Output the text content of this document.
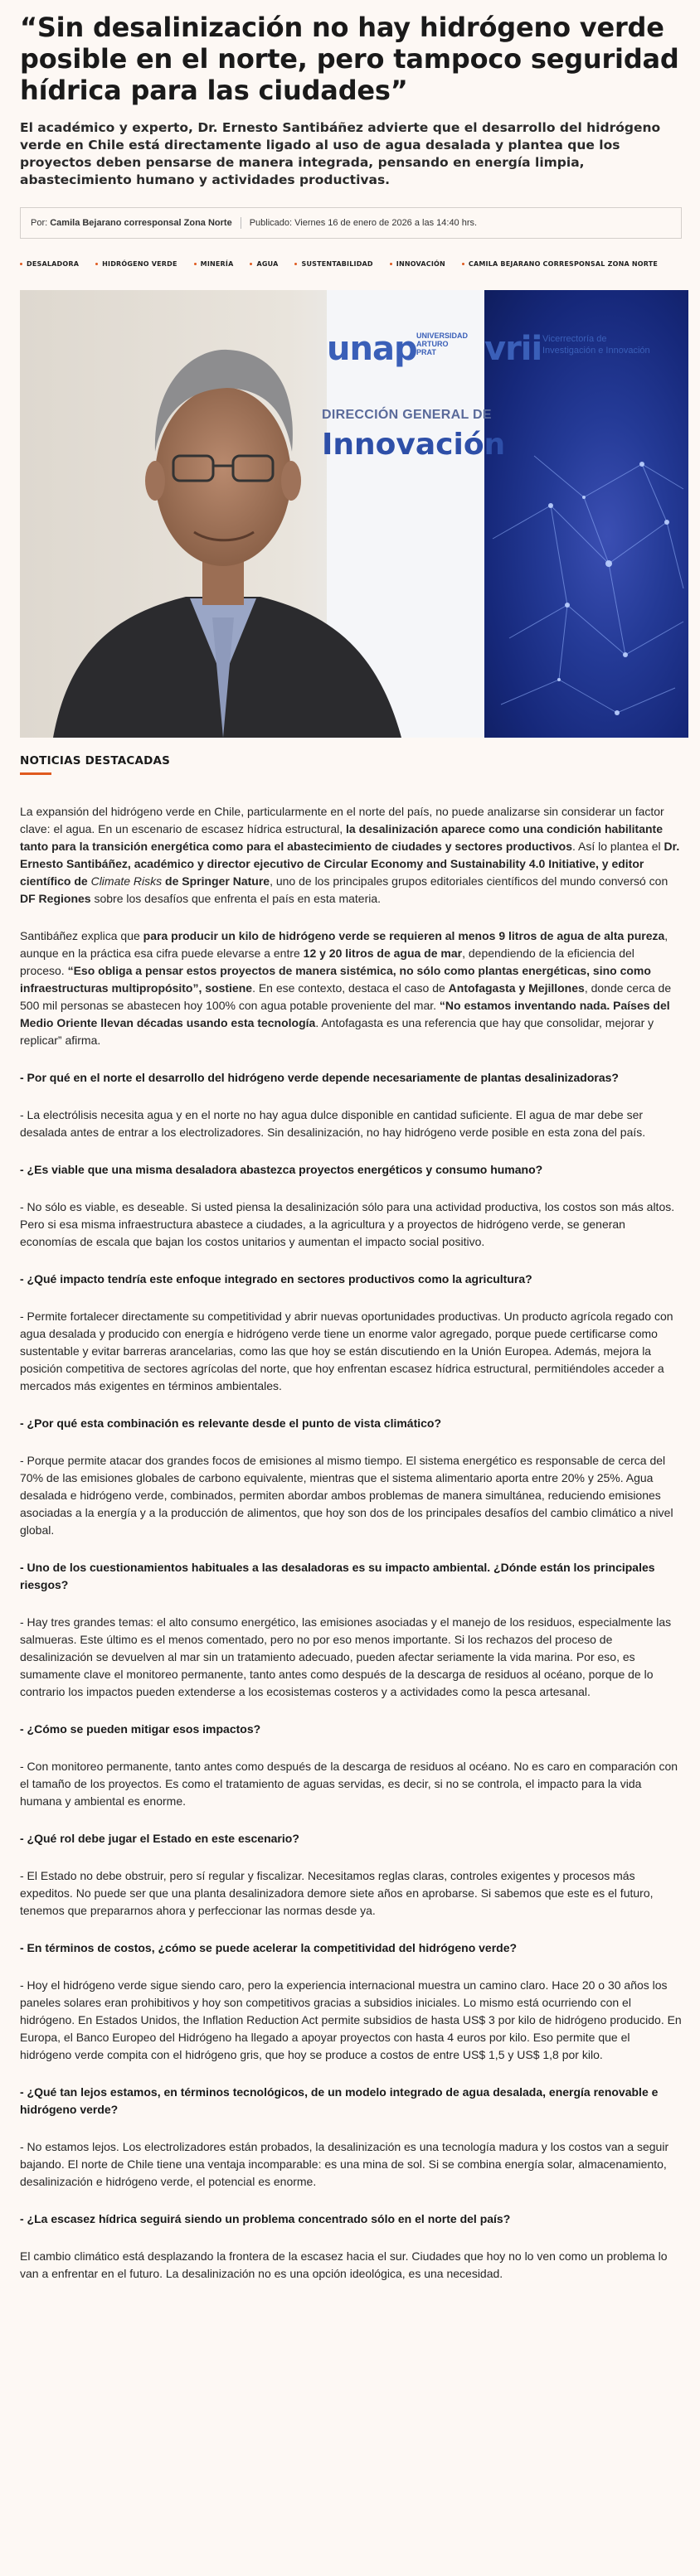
“Sin desalinización no hay hidrógeno verde posible en el norte, pero tampoco seguridad hídrica para las ciudades”

El académico y experto, Dr. Ernesto Santibáñez advierte que el desarrollo del hidrógeno verde en Chile está directamente ligado al uso de agua desalada y plantea que los proyectos deben pensarse de manera integrada, pensando en energía limpia, abastecimiento humano y actividades productivas.

Por: Camila Bejarano corresponsal Zona Norte Publicado: Viernes 16 de enero de 2026 a las 14:40 hrs.
DESALADORA	HIDRÓGENO VERDE	MINERÍA	AGUA	SUSTENTABILIDAD	INNOVACIÓN	CAMILA BEJARANO CORRESPONSAL ZONA NORTE
unap UNIVERSIDAD
ARTURO
PRAT	vrii Vicerrectoría de
Investigación e Innovación
DIRECCIÓN GENERAL DE
Innovación
NOTICIAS DESTACADAS

La expansión del hidrógeno verde en Chile, particularmente en el norte del país, no puede analizarse sin considerar un factor clave: el agua. En un escenario de escasez hídrica estructural, la desalinización aparece como una condición habilitante tanto para la transición energética como para el abastecimiento de ciudades y sectores productivos. Así lo plantea el Dr. Ernesto Santibáñez, académico y director ejecutivo de Circular Economy and Sustainability 4.0 Initiative, y editor científico de Climate Risks de Springer Nature, uno de los principales grupos editoriales científicos del mundo conversó con DF Regiones sobre los desafíos que enfrenta el país en esta materia.

Santibáñez explica que para producir un kilo de hidrógeno verde se requieren al menos 9 litros de agua de alta pureza, aunque en la práctica esa cifra puede elevarse a entre 12 y 20 litros de agua de mar, dependiendo de la eficiencia del proceso. “Eso obliga a pensar estos proyectos de manera sistémica, no sólo como plantas energéticas, sino como infraestructuras multipropósito”, sostiene. En ese contexto, destaca el caso de Antofagasta y Mejillones, donde cerca de 500 mil personas se abastecen hoy 100% con agua potable proveniente del mar. “No estamos inventando nada. Países del Medio Oriente llevan décadas usando esta tecnología. Antofagasta es una referencia que hay que consolidar, mejorar y replicar” afirma.

- Por qué en el norte el desarrollo del hidrógeno verde depende necesariamente de plantas desalinizadoras?

- La electrólisis necesita agua y en el norte no hay agua dulce disponible en cantidad suficiente. El agua de mar debe ser desalada antes de entrar a los electrolizadores. Sin desalinización, no hay hidrógeno verde posible en esta zona del país.

- ¿Es viable que una misma desaladora abastezca proyectos energéticos y consumo humano?

- No sólo es viable, es deseable. Si usted piensa la desalinización sólo para una actividad productiva, los costos son más altos. Pero si esa misma infraestructura abastece a ciudades, a la agricultura y a proyectos de hidrógeno verde, se generan economías de escala que bajan los costos unitarios y aumentan el impacto social positivo.

- ¿Qué impacto tendría este enfoque integrado en sectores productivos como la agricultura?

- Permite fortalecer directamente su competitividad y abrir nuevas oportunidades productivas. Un producto agrícola regado con agua desalada y producido con energía e hidrógeno verde tiene un enorme valor agregado, porque puede certificarse como sustentable y evitar barreras arancelarias, como las que hoy se están discutiendo en la Unión Europea. Además, mejora la posición competitiva de sectores agrícolas del norte, que hoy enfrentan escasez hídrica estructural, permitiéndoles acceder a mercados más exigentes en términos ambientales.

- ¿Por qué esta combinación es relevante desde el punto de vista climático?

- Porque permite atacar dos grandes focos de emisiones al mismo tiempo. El sistema energético es responsable de cerca del 70% de las emisiones globales de carbono equivalente, mientras que el sistema alimentario aporta entre 20% y 25%. Agua desalada e hidrógeno verde, combinados, permiten abordar ambos problemas de manera simultánea, reduciendo emisiones asociadas a la energía y a la producción de alimentos, que hoy son dos de los principales desafíos del cambio climático a nivel global.

- Uno de los cuestionamientos habituales a las desaladoras es su impacto ambiental. ¿Dónde están los principales riesgos?

- Hay tres grandes temas: el alto consumo energético, las emisiones asociadas y el manejo de los residuos, especialmente las salmueras. Este último es el menos comentado, pero no por eso menos importante. Si los rechazos del proceso de desalinización se devuelven al mar sin un tratamiento adecuado, pueden afectar seriamente la vida marina. Por eso, es sumamente clave el monitoreo permanente, tanto antes como después de la descarga de residuos al océano, porque de lo contrario los impactos pueden extenderse a los ecosistemas costeros y a actividades como la pesca artesanal.

- ¿Cómo se pueden mitigar esos impactos?

- Con monitoreo permanente, tanto antes como después de la descarga de residuos al océano. No es caro en comparación con el tamaño de los proyectos. Es como el tratamiento de aguas servidas, es decir, si no se controla, el impacto para la vida humana y ambiental es enorme.

- ¿Qué rol debe jugar el Estado en este escenario?

- El Estado no debe obstruir, pero sí regular y fiscalizar. Necesitamos reglas claras, controles exigentes y procesos más expeditos. No puede ser que una planta desalinizadora demore siete años en aprobarse. Si sabemos que este es el futuro, tenemos que prepararnos ahora y perfeccionar las normas desde ya.

- En términos de costos, ¿cómo se puede acelerar la competitividad del hidrógeno verde?

- Hoy el hidrógeno verde sigue siendo caro, pero la experiencia internacional muestra un camino claro. Hace 20 o 30 años los paneles solares eran prohibitivos y hoy son competitivos gracias a subsidios iniciales. Lo mismo está ocurriendo con el hidrógeno. En Estados Unidos, the Inflation Reduction Act permite subsidios de hasta US$ 3 por kilo de hidrógeno producido. En Europa, el Banco Europeo del Hidrógeno ha llegado a apoyar proyectos con hasta 4 euros por kilo. Eso permite que el hidrógeno verde compita con el hidrógeno gris, que hoy se produce a costos de entre US$ 1,5 y US$ 1,8 por kilo.

- ¿Qué tan lejos estamos, en términos tecnológicos, de un modelo integrado de agua desalada, energía renovable e hidrógeno verde?

- No estamos lejos. Los electrolizadores están probados, la desalinización es una tecnología madura y los costos van a seguir bajando. El norte de Chile tiene una ventaja incomparable: es una mina de sol. Si se combina energía solar, almacenamiento, desalinización e hidrógeno verde, el potencial es enorme.

- ¿La escasez hídrica seguirá siendo un problema concentrado sólo en el norte del país?

El cambio climático está desplazando la frontera de la escasez hacia el sur. Ciudades que hoy no lo ven como un problema lo van a enfrentar en el futuro. La desalinización no es una opción ideológica, es una necesidad.
